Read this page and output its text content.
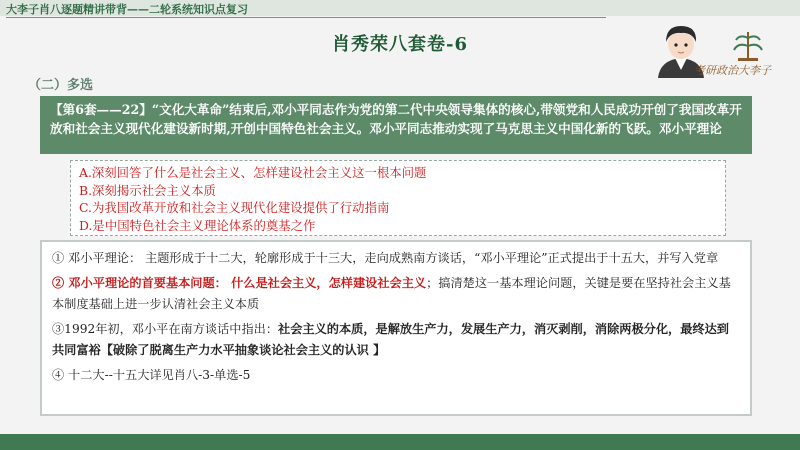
大李子肖八逐题精讲带背——二轮系统知识点复习
肖秀荣八套卷-6
考研政治大李子
（二）多选
【第6套——22】“文化大革命”结束后,邓小平同志作为党的第二代中央领导集体的核心,带领党和人民成功开创了我国改革开放和社会主义现代化建设新时期,开创中国特色社会主义。邓小平同志推动实现了马克思主义中国化新的飞跃。邓小平理论
A.深刻回答了什么是社会主义、怎样建设社会主义这一根本问题
B.深刻揭示社会主义本质
C.为我国改革开放和社会主义现代化建设提供了行动指南
D.是中国特色社会主义理论体系的奠基之作
① 邓小平理论： 主题形成于十二大，轮廓形成于十三大，走向成熟南方谈话，“邓小平理论”正式提出于十五大，并写入党章
② 邓小平理论的首要基本问题： 什么是社会主义，怎样建设社会主义；搞清楚这一基本理论问题，关键是要在坚持社会主义基本制度基础上进一步认清社会主义本质
③1992年初，邓小平在南方谈话中指出：社会主义的本质，是解放生产力，发展生产力，消灭剥削，消除两极分化，最终达到共同富裕【破除了脱离生产力水平抽象谈论社会主义的认识 】
④ 十二大--十五大详见肖八-3-单选-5
